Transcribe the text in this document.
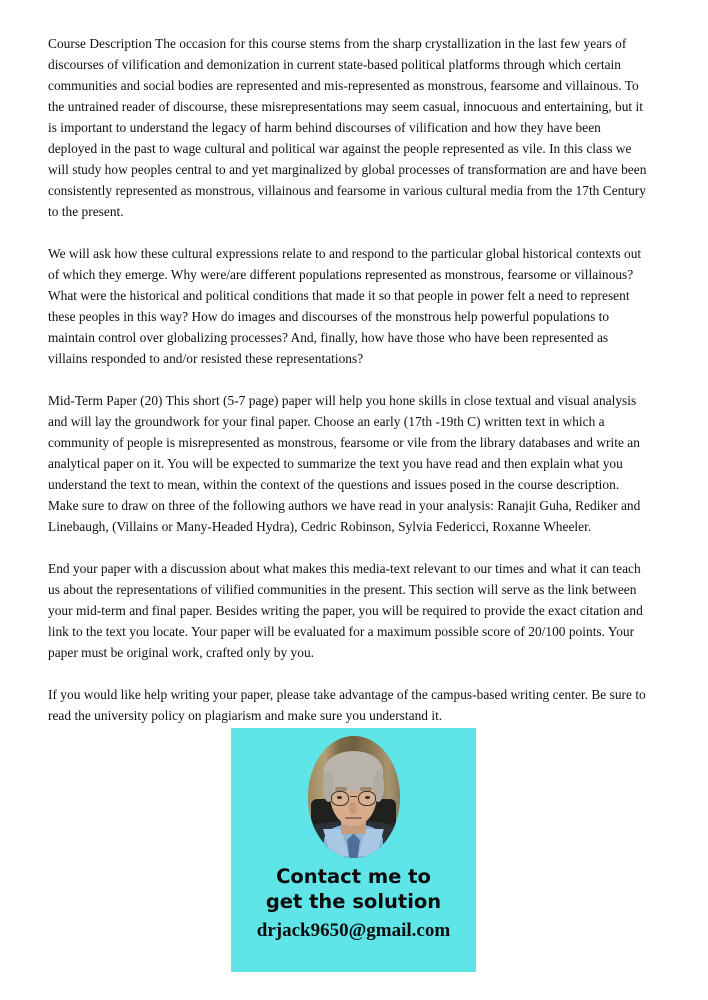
Course Description The occasion for this course stems from the sharp crystallization in the last few years of discourses of vilification and demonization in current state-based political platforms through which certain communities and social bodies are represented and mis-represented as monstrous, fearsome and villainous. To the untrained reader of discourse, these misrepresentations may seem casual, innocuous and entertaining, but it is important to understand the legacy of harm behind discourses of vilification and how they have been deployed in the past to wage cultural and political war against the people represented as vile. In this class we will study how peoples central to and yet marginalized by global processes of transformation are and have been consistently represented as monstrous, villainous and fearsome in various cultural media from the 17th Century to the present.

We will ask how these cultural expressions relate to and respond to the particular global historical contexts out of which they emerge. Why were/are different populations represented as monstrous, fearsome or villainous? What were the historical and political conditions that made it so that people in power felt a need to represent these peoples in this way? How do images and discourses of the monstrous help powerful populations to maintain control over globalizing processes? And, finally, how have those who have been represented as villains responded to and/or resisted these representations?

Mid-Term Paper (20) This short (5-7 page) paper will help you hone skills in close textual and visual analysis and will lay the groundwork for your final paper. Choose an early (17th -19th C) written text in which a community of people is misrepresented as monstrous, fearsome or vile from the library databases and write an analytical paper on it. You will be expected to summarize the text you have read and then explain what you understand the text to mean, within the context of the questions and issues posed in the course description. Make sure to draw on three of the following authors we have read in your analysis: Ranajit Guha, Rediker and Linebaugh, (Villains or Many-Headed Hydra), Cedric Robinson, Sylvia Federicci, Roxanne Wheeler.

End your paper with a discussion about what makes this media-text relevant to our times and what it can teach us about the representations of vilified communities in the present. This section will serve as the link between your mid-term and final paper. Besides writing the paper, you will be required to provide the exact citation and link to the text you locate. Your paper will be evaluated for a maximum possible score of 20/100 points. Your paper must be original work, crafted only by you.

If you would like help writing your paper, please take advantage of the campus-based writing center. Be sure to read the university policy on plagiarism and make sure you understand it.

Contact me to
get the solution
drjack9650@gmail.com
